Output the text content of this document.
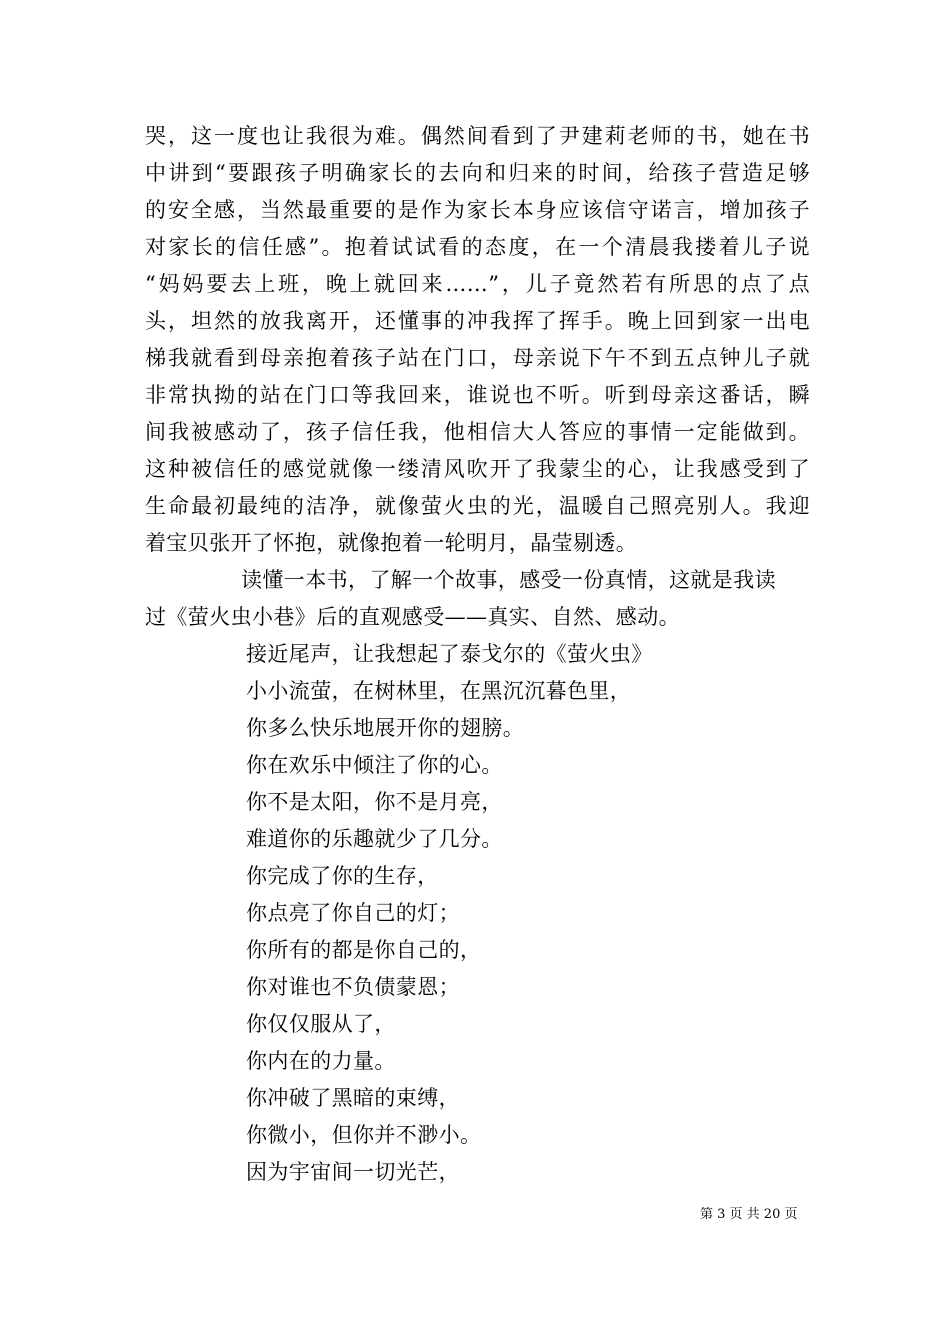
哭，这一度也让我很为难。偶然间看到了尹建莉老师的书，她在书
中讲到“要跟孩子明确家长的去向和归来的时间，给孩子营造足够
的安全感，当然最重要的是作为家长本身应该信守诺言，增加孩子
对家长的信任感”。抱着试试看的态度，在一个清晨我搂着儿子说
“妈妈要去上班，晚上就回来……”，儿子竟然若有所思的点了点
头，坦然的放我离开，还懂事的冲我挥了挥手。晚上回到家一出电
梯我就看到母亲抱着孩子站在门口，母亲说下午不到五点钟儿子就
非常执拗的站在门口等我回来，谁说也不听。听到母亲这番话，瞬
间我被感动了，孩子信任我，他相信大人答应的事情一定能做到。
这种被信任的感觉就像一缕清风吹开了我蒙尘的心，让我感受到了
生命最初最纯的洁净，就像萤火虫的光，温暖自己照亮别人。我迎
着宝贝张开了怀抱，就像抱着一轮明月，晶莹剔透。
读懂一本书，了解一个故事，感受一份真情，这就是我读
过《萤火虫小巷》后的直观感受——真实、自然、感动。
接近尾声，让我想起了泰戈尔的《萤火虫》
小小流萤，在树林里，在黑沉沉暮色里，
你多么快乐地展开你的翅膀。
你在欢乐中倾注了你的心。
你不是太阳，你不是月亮，
难道你的乐趣就少了几分。
你完成了你的生存，
你点亮了你自己的灯；
你所有的都是你自己的，
你对谁也不负债蒙恩；
你仅仅服从了，
你内在的力量。
你冲破了黑暗的束缚，
你微小，但你并不渺小。
因为宇宙间一切光芒，
第 3 页 共 20 页
